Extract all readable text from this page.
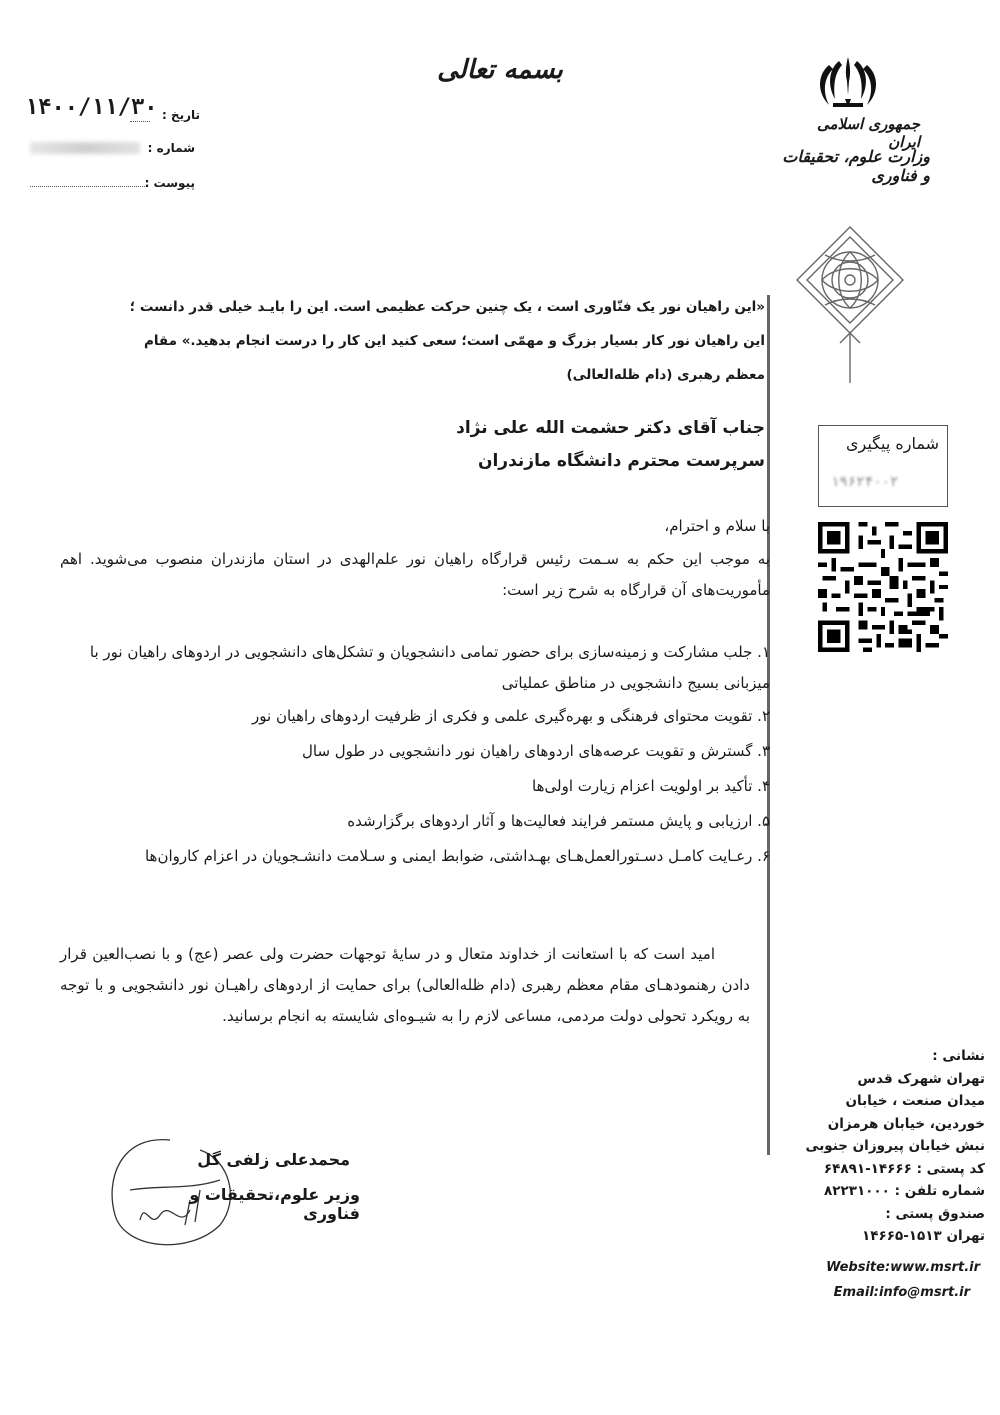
بسمه تعالی
جمهوری اسلامی ایران
وزارت علوم، تحقیقات و فناوری
تاریخ :
۱۴۰۰/۱۱/۳۰
شماره :
پیوست :
«این راهیان نور یک فنّاوری است ، یک چنین حرکت عظیمی است. این را بایـد خیلی قدر دانست ؛ این راهیان نور کار بسیار بزرگ و مهمّی است؛ سعی کنید این کار را درست انجام بدهید.» مقام معظم رهبری (دام ظله‌العالی)
جناب آقای دکتر حشمت الله علی نژاد
سرپرست محترم دانشگاه مازندران
شماره پیگیری
۱۹۶۲۴۰۰۲
با سلام و احترام،
به موجب این حکم به سـمت رئیس قرارگاه راهیان نور علم‌الهدی در استان مازندران منصوب می‌شوید. اهم مأموریت‌های آن قرارگاه به شرح زیر است:

۱. جلب مشارکت و زمینه‌سازی برای حضور تمامی دانشجویان و تشکل‌های دانشجویی در اردوهای راهیان نور با میزبانی بسیج دانشجویی در مناطق عملیاتی

۲. تقویت محتوای فرهنگی و بهره‌گیری علمی و فکری از ظرفیت اردوهای راهیان نور

۳. گسترش و تقویت عرصه‌های اردوهای راهیان نور دانشجویی در طول سال

۴. تأکید بر اولویت اعزام زیارت اولی‌ها

۵. ارزیابی و پایش مستمر فرایند فعالیت‌ها و آثار اردوهای برگزارشده

۶. رعـایت کامـل دسـتورالعمل‌هـای بهـداشتی، ضوابط ایمنی و سـلامت دانشـجویان در اعزام کاروان‌ها

امید است که با استعانت از خداوند متعال و در سایهٔ توجهات حضرت ولی عصر (عج) و با نصب‌العین قرار دادن رهنمودهـای مقام معظم رهبری (دام ظله‌العالی) برای حمایت از اردوهای راهیـان نور دانشجویی و با توجه به رویکرد تحولی دولت مردمی، مساعی لازم را به شیـوه‌ای شایسته به انجام برسانید.
محمدعلی زلفی گل
وزیر علوم،تحقیقات و فناوری
نشانی :
تهران شهرک قدس
میدان صنعت ، خیابان
خوردین، خیابان هرمزان
نبش خیابان پیروزان جنوبی
کد پستی : ۱۴۶۶۶-۶۴۸۹۱
شماره تلفن : ۸۲۲۳۱۰۰۰
صندوق پستی :
تهران ۱۵۱۳-۱۴۶۶۵
Website:www.msrt.ir
Email:info@msrt.ir
